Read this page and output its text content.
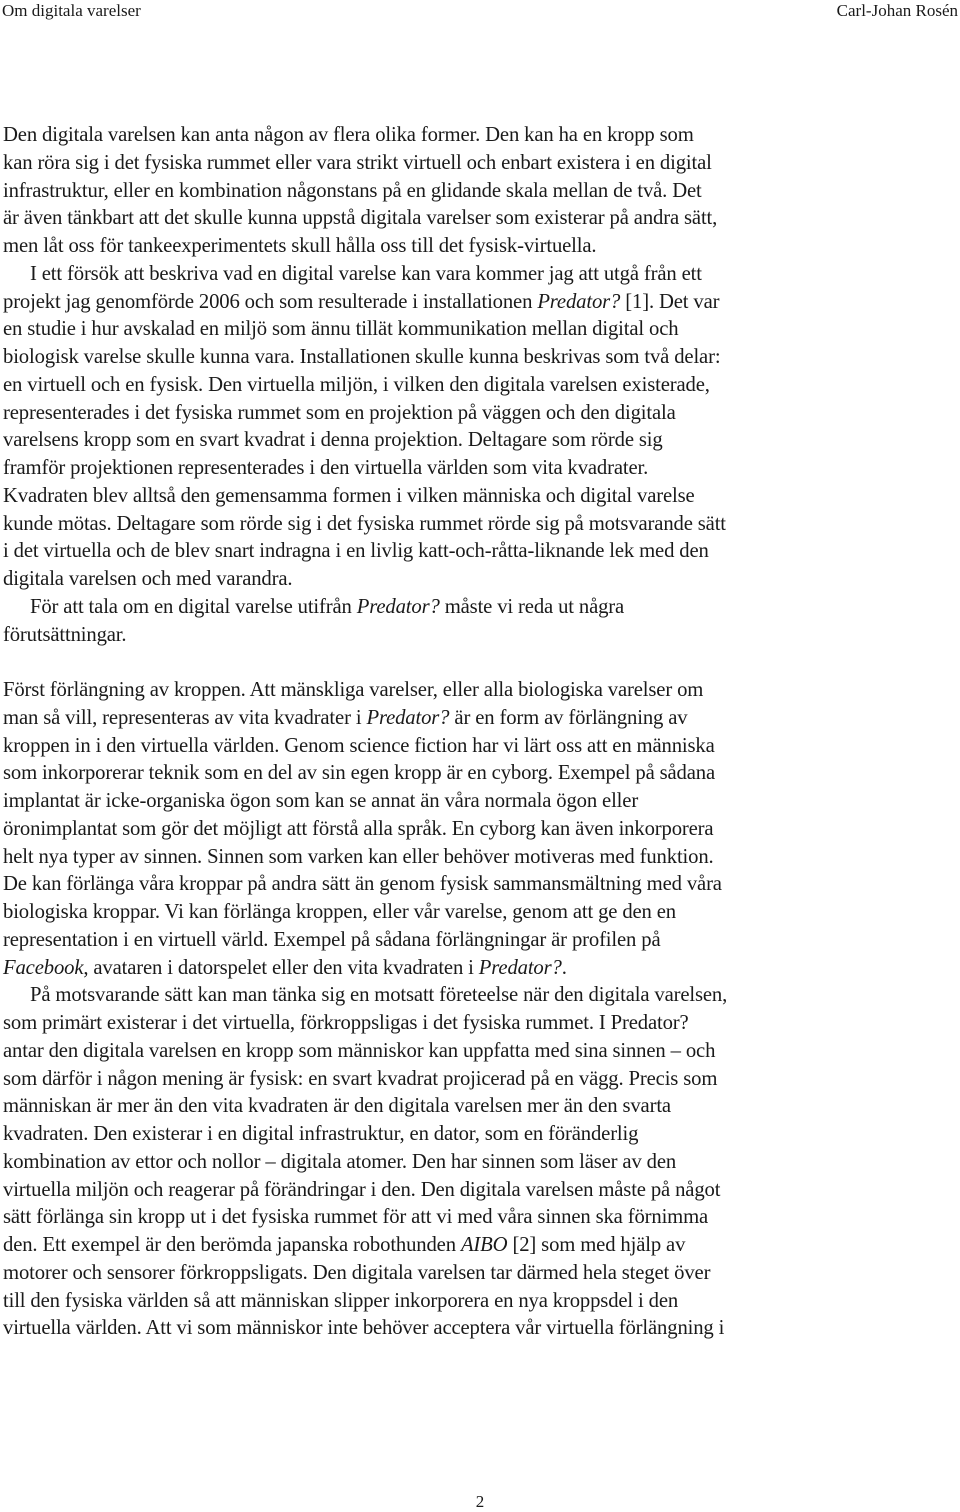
Om digitala varelser	Carl-Johan Rosén
Den digitala varelsen kan anta någon av flera olika former. Den kan ha en kropp som
kan röra sig i det fysiska rummet eller vara strikt virtuell och enbart existera i en digital
infrastruktur, eller en kombination någonstans på en glidande skala mellan de två. Det
är även tänkbart att det skulle kunna uppstå digitala varelser som existerar på andra sätt,
men låt oss för tankeexperimentets skull hålla oss till det fysisk-virtuella.
I ett försök att beskriva vad en digital varelse kan vara kommer jag att utgå från ett
projekt jag genomförde 2006 och som resulterade i installationen Predator? [1]. Det var
en studie i hur avskalad en miljö som ännu tillät kommunikation mellan digital och
biologisk varelse skulle kunna vara. Installationen skulle kunna beskrivas som två delar:
en virtuell och en fysisk. Den virtuella miljön, i vilken den digitala varelsen existerade,
representerades i det fysiska rummet som en projektion på väggen och den digitala
varelsens kropp som en svart kvadrat i denna projektion. Deltagare som rörde sig
framför projektionen representerades i den virtuella världen som vita kvadrater.
Kvadraten blev alltså den gemensamma formen i vilken människa och digital varelse
kunde mötas. Deltagare som rörde sig i det fysiska rummet rörde sig på motsvarande sätt
i det virtuella och de blev snart indragna i en livlig katt-och-råtta-liknande lek med den
digitala varelsen och med varandra.
För att tala om en digital varelse utifrån Predator? måste vi reda ut några
förutsättningar.
Först förlängning av kroppen. Att mänskliga varelser, eller alla biologiska varelser om
man så vill, representeras av vita kvadrater i Predator? är en form av förlängning av
kroppen in i den virtuella världen. Genom science fiction har vi lärt oss att en människa
som inkorporerar teknik som en del av sin egen kropp är en cyborg. Exempel på sådana
implantat är icke-organiska ögon som kan se annat än våra normala ögon eller
öronimplantat som gör det möjligt att förstå alla språk. En cyborg kan även inkorporera
helt nya typer av sinnen. Sinnen som varken kan eller behöver motiveras med funktion.
De kan förlänga våra kroppar på andra sätt än genom fysisk sammansmältning med våra
biologiska kroppar. Vi kan förlänga kroppen, eller vår varelse, genom att ge den en
representation i en virtuell värld. Exempel på sådana förlängningar är profilen på
Facebook, avataren i datorspelet eller den vita kvadraten i Predator?.
På motsvarande sätt kan man tänka sig en motsatt företeelse när den digitala varelsen,
som primärt existerar i det virtuella, förkroppsligas i det fysiska rummet. I Predator?
antar den digitala varelsen en kropp som människor kan uppfatta med sina sinnen – och
som därför i någon mening är fysisk: en svart kvadrat projicerad på en vägg. Precis som
människan är mer än den vita kvadraten är den digitala varelsen mer än den svarta
kvadraten. Den existerar i en digital infrastruktur, en dator, som en föränderlig
kombination av ettor och nollor – digitala atomer. Den har sinnen som läser av den
virtuella miljön och reagerar på förändringar i den. Den digitala varelsen måste på något
sätt förlänga sin kropp ut i det fysiska rummet för att vi med våra sinnen ska förnimma
den. Ett exempel är den berömda japanska robothunden AIBO [2] som med hjälp av
motorer och sensorer förkroppsligats. Den digitala varelsen tar därmed hela steget över
till den fysiska världen så att människan slipper inkorporera en nya kroppsdel i den
virtuella världen. Att vi som människor inte behöver acceptera vår virtuella förlängning i
2
